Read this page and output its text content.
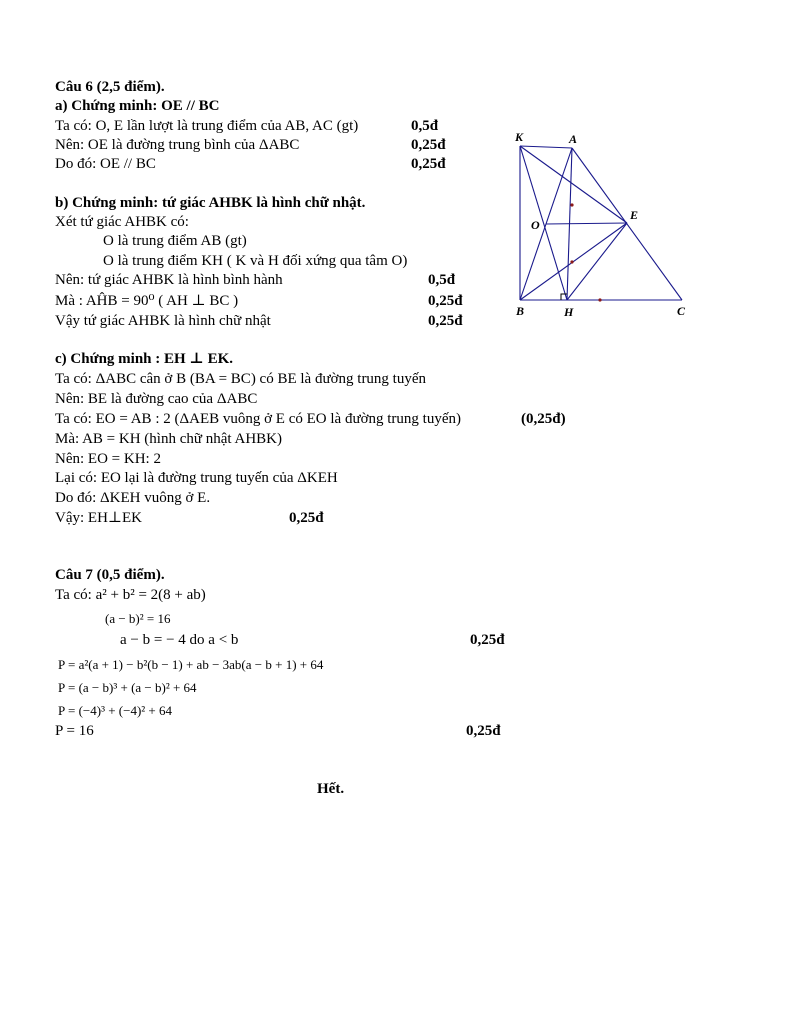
Câu 6 (2,5 điểm).
a) Chứng minh: OE // BC
Ta có: O, E lần lượt là trung điểm của AB, AC (gt)	0,5đ
Nên: OE là đường trung bình của ΔABC	0,25đ
Do đó: OE // BC	0,25đ
b) Chứng minh: tứ giác AHBK là hình chữ nhật.
Xét tứ giác AHBK có:
O là trung điểm AB (gt)
O là trung điểm KH ( K và H đối xứng qua tâm O)
Nên: tứ giác AHBK là hình bình hành	0,5đ
Mà : AĤB = 90⁰ ( AH ⊥ BC )	0,25đ
Vậy tứ giác AHBK là hình chữ nhật	0,25đ
c) Chứng minh : EH ⊥ EK.
Ta có: ΔABC cân ở B (BA = BC) có BE là đường trung tuyến
Nên: BE là đường cao của ΔABC
Ta có: EO = AB : 2 (ΔAEB vuông ở E có EO là đường trung tuyến)	(0,25đ)
Mà: AB = KH (hình chữ nhật AHBK)
Nên: EO = KH: 2
Lại có: EO lại là đường trung tuyến của ΔKEH
Do đó: ΔKEH vuông ở E.
Vậy: EH⊥EK	0,25đ
K	A
O
E
B	H	C
Câu 7 (0,5 điểm).
Ta có: a² + b² = 2(8 + ab)
(a − b)² = 16
a − b = − 4 do a < b	0,25đ
P = a²(a + 1) − b²(b − 1) + ab − 3ab(a − b + 1) + 64
P = (a − b)³ + (a − b)² + 64
P = (−4)³ + (−4)² + 64
P = 16	0,25đ
Hết.
